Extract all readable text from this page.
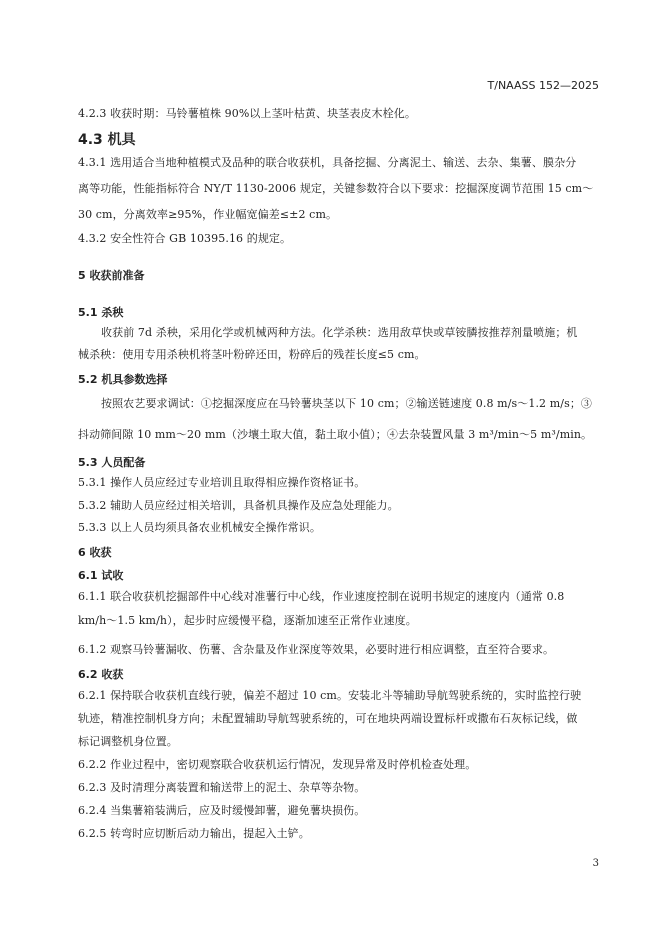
T/NAASS 152—2025
4.2.3 收获时期：马铃薯植株 90%以上茎叶枯黄、块茎表皮木栓化。
4.3 机具
4.3.1 选用适合当地种植模式及品种的联合收获机，具备挖掘、分离泥土、输送、去杂、集薯、膜杂分
离等功能，性能指标符合 NY/T 1130-2006 规定，关键参数符合以下要求：挖掘深度调节范围 15 cm～
30 cm，分离效率≥95%，作业幅宽偏差≤±2 cm。
4.3.2 安全性符合 GB 10395.16 的规定。
5 收获前准备
5.1 杀秧
收获前 7d 杀秧，采用化学或机械两种方法。化学杀秧：选用敌草快或草铵膦按推荐剂量喷施；机
械杀秧：使用专用杀秧机将茎叶粉碎还田，粉碎后的残茬长度≤5 cm。
5.2 机具参数选择
按照农艺要求调试：①挖掘深度应在马铃薯块茎以下 10 cm；②输送链速度 0.8 m/s～1.2 m/s；③
抖动筛间隙 10 mm～20 mm（沙壤土取大值，黏土取小值）；④去杂装置风量 3 m³/min～5 m³/min。
5.3 人员配备
5.3.1 操作人员应经过专业培训且取得相应操作资格证书。
5.3.2 辅助人员应经过相关培训，具备机具操作及应急处理能力。
5.3.3 以上人员均须具备农业机械安全操作常识。
6 收获
6.1 试收
6.1.1 联合收获机挖掘部件中心线对准薯行中心线，作业速度控制在说明书规定的速度内（通常 0.8
km/h～1.5 km/h），起步时应缓慢平稳，逐渐加速至正常作业速度。
6.1.2 观察马铃薯漏收、伤薯、含杂量及作业深度等效果，必要时进行相应调整，直至符合要求。
6.2 收获
6.2.1 保持联合收获机直线行驶，偏差不超过 10 cm。安装北斗等辅助导航驾驶系统的，实时监控行驶
轨迹，精准控制机身方向；未配置辅助导航驾驶系统的，可在地块两端设置标杆或撒布石灰标记线，做
标记调整机身位置。
6.2.2 作业过程中，密切观察联合收获机运行情况，发现异常及时停机检查处理。
6.2.3 及时清理分离装置和输送带上的泥土、杂草等杂物。
6.2.4 当集薯箱装满后，应及时缓慢卸薯，避免薯块损伤。
6.2.5 转弯时应切断后动力输出，提起入土铲。
3
